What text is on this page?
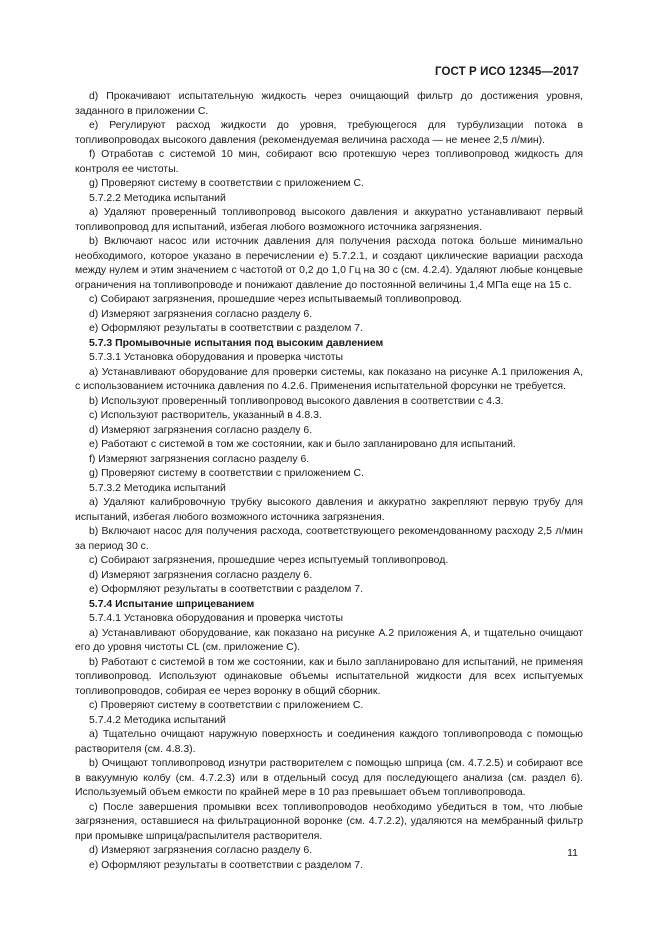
ГОСТ Р ИСО 12345—2017

d) Прокачивают испытательную жидкость через очищающий фильтр до достижения уровня, заданного в приложении С.

е) Регулируют расход жидкости до уровня, требующегося для турбулизации потока в топливопроводах высокого давления (рекомендуемая величина расхода — не менее 2,5 л/мин).

f) Отработав с системой 10 мин, собирают всю протекшую через топливопровод жидкость для контроля ее чистоты.

g) Проверяют систему в соответствии с приложением С.

5.7.2.2 Методика испытаний

а) Удаляют проверенный топливопровод высокого давления и аккуратно устанавливают первый топливопровод для испытаний, избегая любого возможного источника загрязнения.

b) Включают насос или источник давления для получения расхода потока больше минимально необходимого, которое указано в перечислении е) 5.7.2.1, и создают циклические вариации расхода между нулем и этим значением с частотой от 0,2 до 1,0 Гц на 30 с (см. 4.2.4). Удаляют любые концевые ограничения на топливопроводе и понижают давление до постоянной величины 1,4 МПа еще на 15 с.

с) Собирают загрязнения, прошедшие через испытываемый топливопровод.

d) Измеряют загрязнения согласно разделу 6.

е) Оформляют результаты в соответствии с разделом 7.

5.7.3 Промывочные испытания под высоким давлением

5.7.3.1 Установка оборудования и проверка чистоты

а) Устанавливают оборудование для проверки системы, как показано на рисунке А.1 приложения А, с использованием источника давления по 4.2.6. Применения испытательной форсунки не требуется.

b) Используют проверенный топливопровод высокого давления в соответствии с 4.3.

с) Используют растворитель, указанный в 4.8.3.

d) Измеряют загрязнения согласно разделу 6.

е) Работают с системой в том же состоянии, как и было запланировано для испытаний.

f) Измеряют загрязнения согласно разделу 6.

g) Проверяют систему в соответствии с приложением С.

5.7.3.2 Методика испытаний

а) Удаляют калибровочную трубку высокого давления и аккуратно закрепляют первую трубу для испытаний, избегая любого возможного источника загрязнения.

b) Включают насос для получения расхода, соответствующего рекомендованному расходу 2,5 л/мин за период 30 с.

с) Собирают загрязнения, прошедшие через испытуемый топливопровод.

d) Измеряют загрязнения согласно разделу 6.

е) Оформляют результаты в соответствии с разделом 7.

5.7.4 Испытание шприцеванием

5.7.4.1 Установка оборудования и проверка чистоты

а) Устанавливают оборудование, как показано на рисунке А.2 приложения А, и тщательно очищают его до уровня чистоты CL (см. приложение С).

b) Работают с системой в том же состоянии, как и было запланировано для испытаний, не применяя топливопровод. Используют одинаковые объемы испытательной жидкости для всех испытуемых топливопроводов, собирая ее через воронку в общий сборник.

с) Проверяют систему в соответствии с приложением С.

5.7.4.2 Методика испытаний

а) Тщательно очищают наружную поверхность и соединения каждого топливопровода с помощью растворителя (см. 4.8.3).

b) Очищают топливопровод изнутри растворителем с помощью шприца (см. 4.7.2.5) и собирают все в вакуумную колбу (см. 4.7.2.3) или в отдельный сосуд для последующего анализа (см. раздел 6). Используемый объем емкости по крайней мере в 10 раз превышает объем топливопровода.

с) После завершения промывки всех топливопроводов необходимо убедиться в том, что любые загрязнения, оставшиеся на фильтрационной воронке (см. 4.7.2.2), удаляются на мембранный фильтр при промывке шприца/распылителя растворителя.

d) Измеряют загрязнения согласно разделу 6.

е) Оформляют результаты в соответствии с разделом 7.

11
